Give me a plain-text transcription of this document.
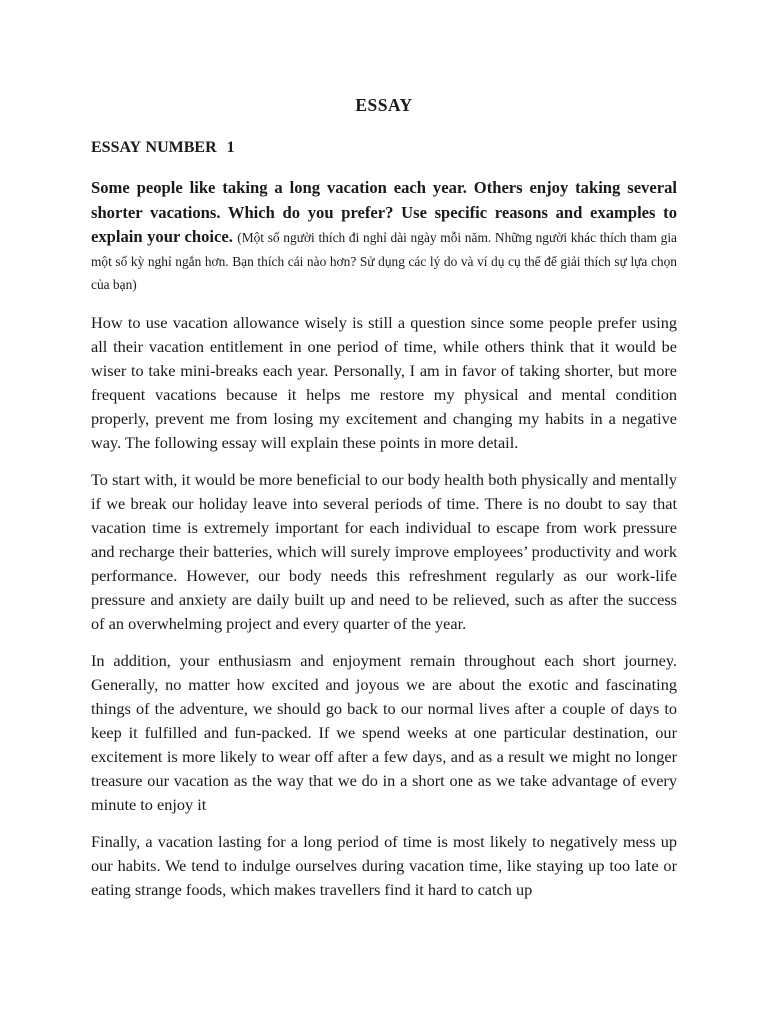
ESSAY
ESSAY NUMBER  1

Some people like taking a long vacation each year. Others enjoy taking several shorter vacations. Which do you prefer? Use specific reasons and examples to explain your choice. (Một số người thích đi nghỉ dài ngày mỗi năm. Những người khác thích tham gia một số kỳ nghỉ ngắn hơn. Bạn thích cái nào hơn? Sử dụng các lý do và ví dụ cụ thể để giải thích sự lựa chọn của bạn)

How to use vacation allowance wisely is still a question since some people prefer using all their vacation entitlement in one period of time, while others think that it would be wiser to take mini-breaks each year. Personally, I am in favor of taking shorter, but more frequent vacations because it helps me restore my physical and mental condition properly, prevent me from losing my excitement and changing my habits in a negative way. The following essay will explain these points in more detail.

To start with, it would be more beneficial to our body health both physically and mentally if we break our holiday leave into several periods of time. There is no doubt to say that vacation time is extremely important for each individual to escape from work pressure and recharge their batteries, which will surely improve employees’ productivity and work performance. However, our body needs this refreshment regularly as our work-life pressure and anxiety are daily built up and need to be relieved, such as after the success of an overwhelming project and every quarter of the year.

In addition, your enthusiasm and enjoyment remain throughout each short journey. Generally, no matter how excited and joyous we are about the exotic and fascinating things of the adventure, we should go back to our normal lives after a couple of days to keep it fulfilled and fun-packed. If we spend weeks at one particular destination, our excitement is more likely to wear off after a few days, and as a result we might no longer treasure our vacation as the way that we do in a short one as we take advantage of every minute to enjoy it

Finally, a vacation lasting for a long period of time is most likely to negatively mess up our habits. We tend to indulge ourselves during vacation time, like staying up too late or eating strange foods, which makes travellers find it hard to catch up
